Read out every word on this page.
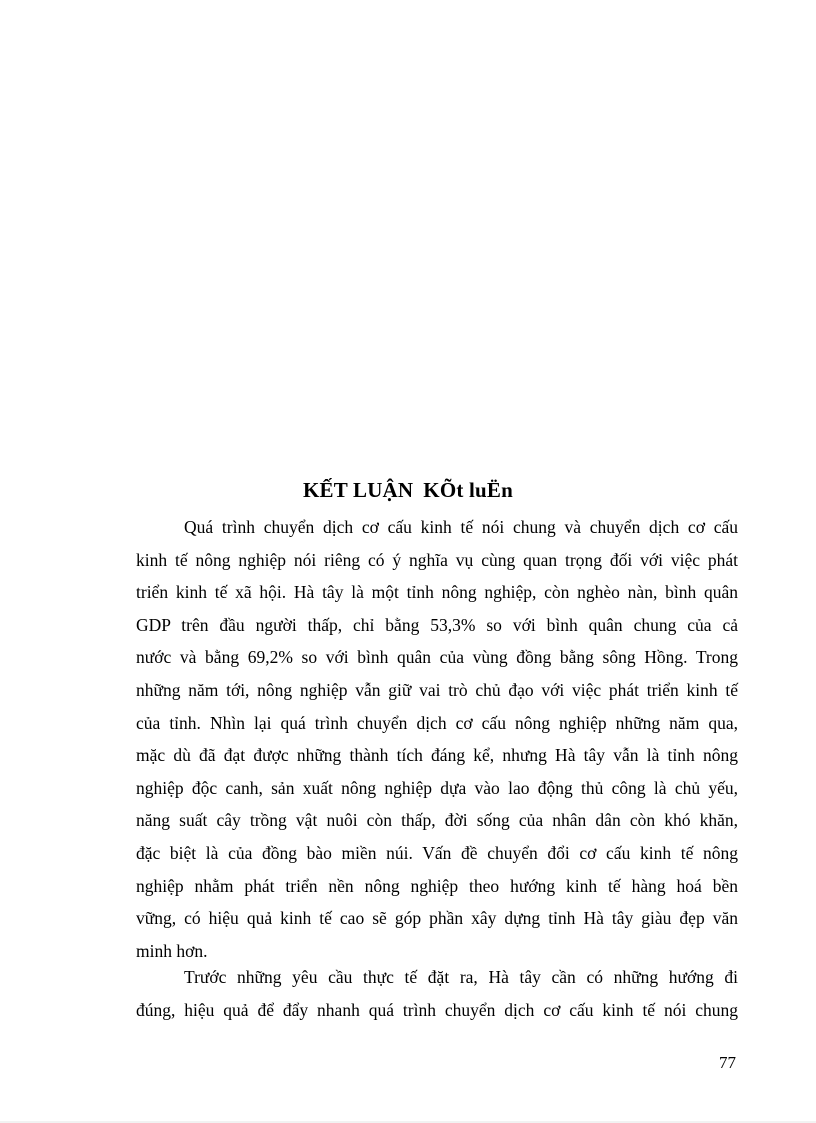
KẾT LUẬN KÕt luËn
Quá trình chuyển dịch cơ cấu kinh tế nói chung và chuyển dịch cơ cấu
kinh tế nông nghiệp nói riêng có ý nghĩa vụ cùng quan trọng đối với việc phát
triển kinh tế xã hội. Hà tây là một tỉnh nông nghiệp, còn nghèo nàn, bình quân
GDP trên đầu người thấp, chỉ bằng 53,3% so với bình quân chung của cả
nước và bằng 69,2% so với bình quân của vùng đồng bằng sông Hồng. Trong
những năm tới, nông nghiệp vẫn giữ vai trò chủ đạo với việc phát triển kinh tế
của tỉnh. Nhìn lại quá trình chuyển dịch cơ cấu nông nghiệp những năm qua,
mặc dù đã đạt được những thành tích đáng kể, nhưng Hà tây vẫn là tỉnh nông
nghiệp độc canh, sản xuất nông nghiệp dựa vào lao động thủ công là chủ yếu,
năng suất cây trồng vật nuôi còn thấp, đời sống của nhân dân còn khó khăn,
đặc biệt là của đồng bào miền núi. Vấn đề chuyển đổi cơ cấu kinh tế nông
nghiệp nhằm phát triển nền nông nghiệp theo hướng kinh tế hàng hoá bền
vững, có hiệu quả kinh tế cao sẽ góp phần xây dựng tỉnh Hà tây giàu đẹp văn
minh hơn.
Trước những yêu cầu thực tế đặt ra, Hà tây cần có những hướng đi
đúng, hiệu quả để đẩy nhanh quá trình chuyển dịch cơ cấu kinh tế nói chung
77
